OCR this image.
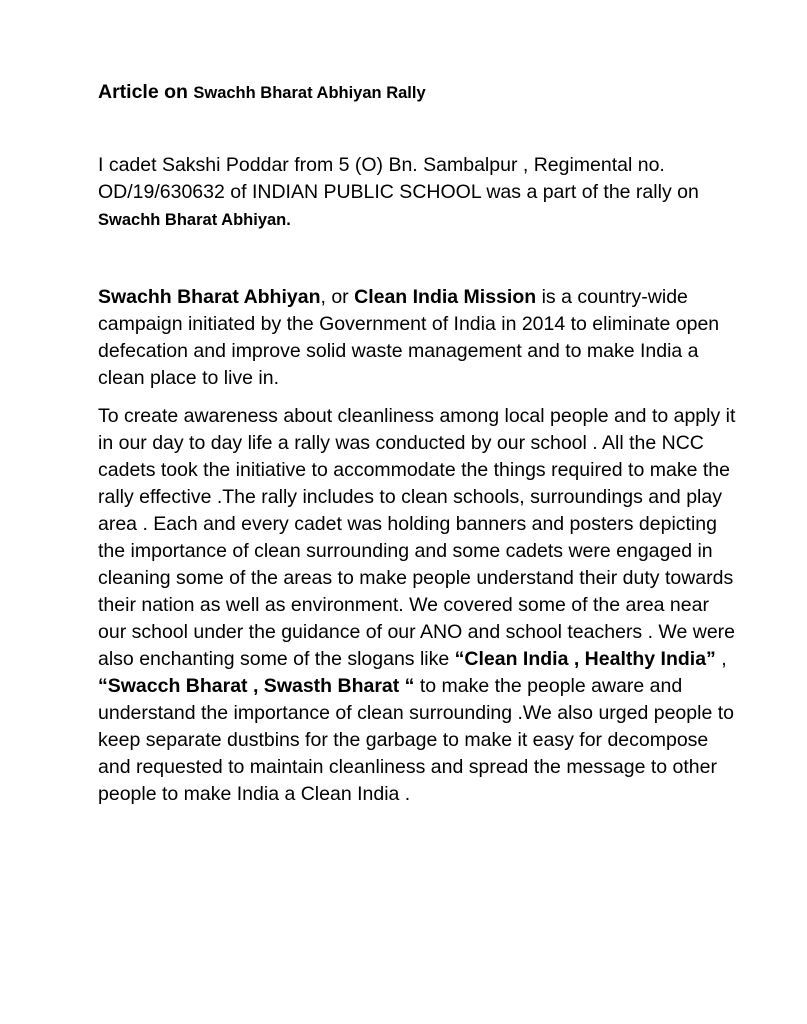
Article on Swachh Bharat Abhiyan Rally

I cadet Sakshi Poddar from 5 (O) Bn. Sambalpur , Regimental no. OD/19/630632 of INDIAN PUBLIC SCHOOL was a part of the rally on Swachh Bharat Abhiyan.

Swachh Bharat Abhiyan, or Clean India Mission is a country-wide campaign initiated by the Government of India in 2014 to eliminate open defecation and improve solid waste management and to make India a clean place to live in.

To create awareness about cleanliness among local people and to apply it in our day to day life a rally was conducted by our school . All the NCC cadets took the initiative to accommodate the things required to make the rally effective .The rally includes to clean schools, surroundings and play area . Each and every cadet was holding banners and posters depicting the importance of clean surrounding and some cadets were engaged in cleaning some of the areas to make people understand their duty towards their nation as well as environment. We covered some of the area near our school under the guidance of our ANO and school teachers . We were also enchanting some of the slogans like “Clean India , Healthy India” , “Swacch Bharat , Swasth Bharat “ to make the people aware and understand the importance of clean surrounding .We also urged people to keep separate dustbins for the garbage to make it easy for decompose and requested to maintain cleanliness and spread the message to other people to make India a Clean India .
